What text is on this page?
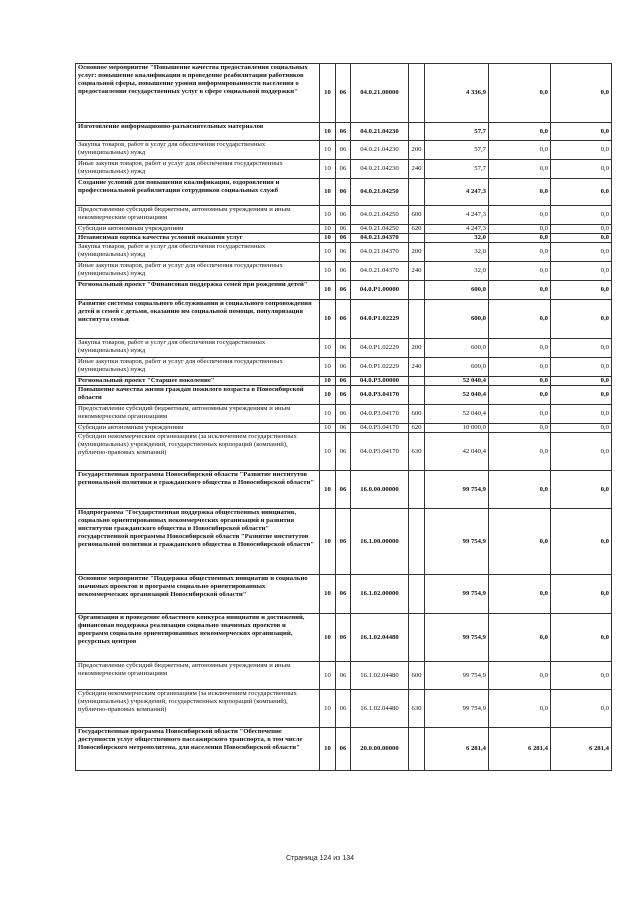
Основное мероприятие "Повышение качества предоставления социальных услуг: повышение квалификации и проведение реабилитации работников социальной сферы, повышение уровня информированности населения о предоставлении государственных услуг в сфере социальной поддержки"	10	06	04.0.21.00000		4 336,9	0,0	0,0
Изготовление информационно-разъяснительных материалов	10	06	04.0.21.04230		57,7	0,0	0,0
Закупка товаров, работ и услуг для обеспечения государственных (муниципальных) нужд	10	06	04.0.21.04230	200	57,7	0,0	0,0
Иные закупки товаров, работ и услуг для обеспечения государственных (муниципальных) нужд	10	06	04.0.21.04230	240	57,7	0,0	0,0
Создание условий для повышения квалификации, оздоровления и профессиональной реабилитации сотрудников социальных служб	10	06	04.0.21.04250		4 247,3	0,0	0,0
Предоставление субсидий бюджетным, автономным учреждениям и иным некоммерческим организациям	10	06	04.0.21.04250	600	4 247,3	0,0	0,0
Субсидии автономным учреждениям	10	06	04.0.21.04250	620	4 247,3	0,0	0,0
Независимая оценка качества условий оказания услуг	10	06	04.0.21.04370		32,0	0,0	0,0
Закупка товаров, работ и услуг для обеспечения государственных (муниципальных) нужд	10	06	04.0.21.04370	200	32,0	0,0	0,0
Иные закупки товаров, работ и услуг для обеспечения государственных (муниципальных) нужд	10	06	04.0.21.04370	240	32,0	0,0	0,0
Региональный проект "Финансовая поддержка семей при рождении детей"	10	06	04.0.P1.00000		600,0	0,0	0,0
Развитие системы социального обслуживания и социального сопровождения детей и семей с детьми, оказанию им социальной помощи, популяризация института семьи	10	06	04.0.P1.02229		600,0	0,0	0,0
Закупка товаров, работ и услуг для обеспечения государственных (муниципальных) нужд	10	06	04.0.P1.02229	200	600,0	0,0	0,0
Иные закупки товаров, работ и услуг для обеспечения государственных (муниципальных) нужд	10	06	04.0.P1.02229	240	600,0	0,0	0,0
Региональный проект "Старшее поколение"	10	06	04.0.P3.00000		52 040,4	0,0	0,0
Повышение качества жизни граждан пожилого возраста в Новосибирской области	10	06	04.0.P3.04170		52 040,4	0,0	0,0
Предоставление субсидий бюджетным, автономным учреждениям и иным некоммерческим организациям	10	06	04.0.P3.04170	600	52 040,4	0,0	0,0
Субсидии автономным учреждениям	10	06	04.0.P3.04170	620	10 000,0	0,0	0,0
Субсидии некоммерческим организациям (за исключением государственных (муниципальных) учреждений, государственных корпораций (компаний), публично-правовых компаний)	10	06	04.0.P3.04170	630	42 040,4	0,0	0,0
Государственная программа Новосибирской области "Развитие институтов региональной политики и гражданского общества в Новосибирской области"	10	06	16.0.00.00000		99 754,9	0,0	0,0
Подпрограмма "Государственная поддержка общественных инициатив, социально ориентированных некоммерческих организаций и развития институтов гражданского общества в Новосибирской области" государственной программы Новосибирской области "Развитие институтов региональной политики и гражданского общества в Новосибирской области"	10	06	16.1.00.00000		99 754,9	0,0	0,0
Основное мероприятие "Поддержка общественных инициатив и социально значимых проектов и программ социально ориентированных некоммерческих организаций Новосибирской области"	10	06	16.1.02.00000		99 754,9	0,0	0,0
Организация и проведение областного конкурса инициатив и достижений, финансовая поддержка реализации социально значимых проектов и программ социально ориентированных некоммерческих организаций, ресурсных центров	10	06	16.1.02.04480		99 754,9	0,0	0,0
Предоставление субсидий бюджетным, автономным учреждениям и иным некоммерческим организациям	10	06	16.1.02.04480	600	99 754,9	0,0	0,0
Субсидии некоммерческим организациям (за исключением государственных (муниципальных) учреждений, государственных корпораций (компаний), публично-правовых компаний)	10	06	16.1.02.04480	630	99 754,9	0,0	0,0
Государственная программа Новосибирской области "Обеспечение доступности услуг общественного пассажирского транспорта, в том числе Новосибирского метрополитена, для населения Новосибирской области"	10	06	20.0.00.00000		6 281,4	6 281,4	6 281,4
Страница 124 из 134
